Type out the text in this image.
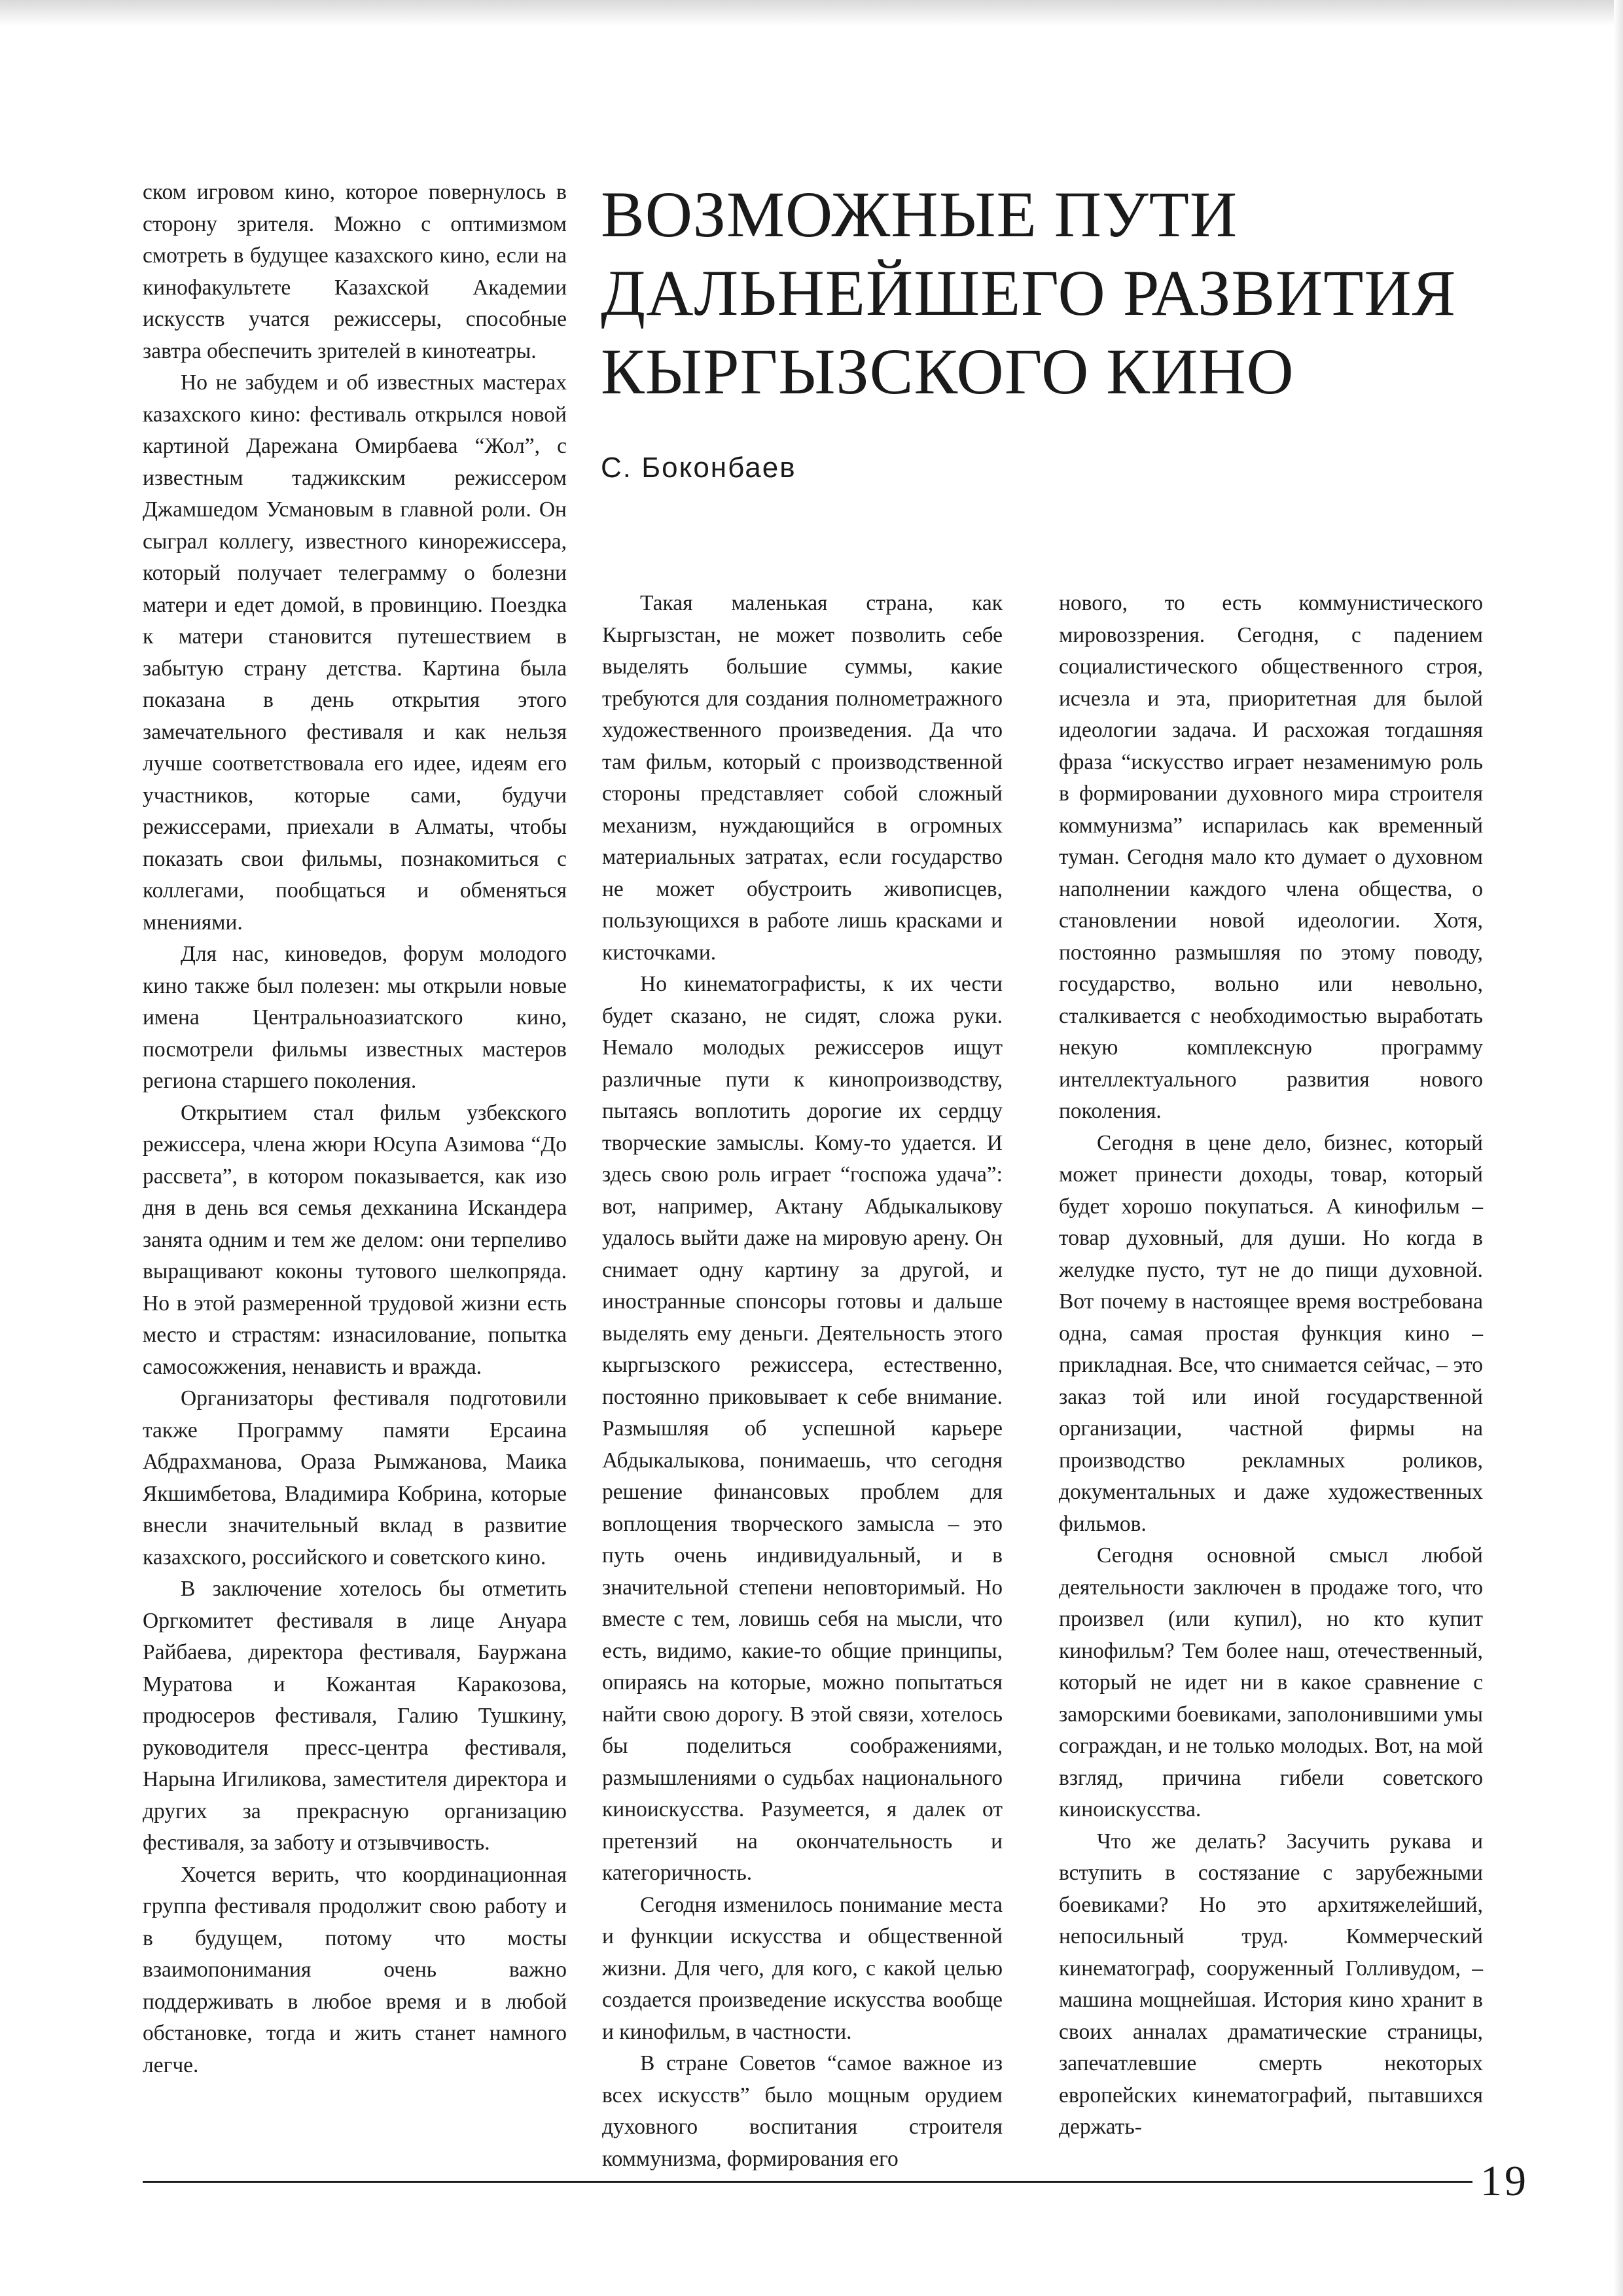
ВОЗМОЖНЫЕ ПУТИ
ДАЛЬНЕЙШЕГО РАЗВИТИЯ
КЫРГЫЗСКОГО КИНО
С. Боконбаев

ском игровом кино, которое повернулось в сторону зрителя. Можно с оптимизмом смотреть в будущее казахского кино, если на кинофакультете Казахской Академии искусств учатся режиссеры, способные завтра обеспечить зрителей в кинотеатры.

Но не забудем и об известных мастерах казахского кино: фестиваль открылся новой картиной Дарежана Омирбаева “Жол”, с известным таджикским режиссером Джамшедом Усмановым в главной роли. Он сыграл коллегу, известного кинорежиссера, который получает телеграмму о болезни матери и едет домой, в провинцию. Поездка к матери становится путешествием в забытую страну детства. Картина была показана в день открытия этого замечательного фестиваля и как нельзя лучше соответствовала его идее, идеям его участников, которые сами, будучи режиссерами, приехали в Алматы, чтобы показать свои фильмы, познакомиться с коллегами, пообщаться и обменяться мнениями.

Для нас, киноведов, форум молодого кино также был полезен: мы открыли новые имена Центральноазиатского кино, посмотрели фильмы известных мастеров региона старшего поколения.

Открытием стал фильм узбекского режиссера, члена жюри Юсупа Азимова “До рассвета”, в котором показывается, как изо дня в день вся семья дехканина Искандера занята одним и тем же делом: они терпеливо выращивают коконы тутового шелкопряда. Но в этой размеренной трудовой жизни есть место и страстям: изнасилование, попытка самосожжения, ненависть и вражда.

Организаторы фестиваля подготовили также Программу памяти Ерсаина Абдрахманова, Ораза Рымжанова, Маика Якшимбетова, Владимира Кобрина, которые внесли значительный вклад в развитие казахского, российского и советского кино.

В заключение хотелось бы отметить Оргкомитет фестиваля в лице Ануара Райбаева, директора фестиваля, Бауржана Муратова и Кожантая Каракозова, продюсеров фестиваля, Галию Тушкину, руководителя пресс-центра фестиваля, Нарына Игиликова, заместителя директора и других за прекрасную организацию фестиваля, за заботу и отзывчивость.

Хочется верить, что координационная группа фестиваля продолжит свою работу и в будущем, потому что мосты взаимопонимания очень важно поддерживать в любое время и в любой обстановке, тогда и жить станет намного легче.

Такая маленькая страна, как Кыргызстан, не может позволить себе выделять большие суммы, какие требуются для создания полнометражного художественного произведения. Да что там фильм, который с производственной стороны представляет собой сложный механизм, нуждающийся в огромных материальных затратах, если государство не может обустроить живописцев, пользующихся в работе лишь красками и кисточками.

Но кинематографисты, к их чести будет сказано, не сидят, сложа руки. Немало молодых режиссеров ищут различные пути к кинопроизводству, пытаясь воплотить дорогие их сердцу творческие замыслы. Кому-то удается. И здесь свою роль играет “госпожа удача”: вот, например, Актану Абдыкалыкову удалось выйти даже на мировую арену. Он снимает одну картину за другой, и иностранные спонсоры готовы и дальше выделять ему деньги. Деятельность этого кыргызского режиссера, естественно, постоянно приковывает к себе внимание. Размышляя об успешной карьере Абдыкалыкова, понимаешь, что сегодня решение финансовых проблем для воплощения творческого замысла – это путь очень индивидуальный, и в значительной степени неповторимый. Но вместе с тем, ловишь себя на мысли, что есть, видимо, какие-то общие принципы, опираясь на которые, можно попытаться найти свою дорогу. В этой связи, хотелось бы поделиться соображениями, размышлениями о судьбах национального киноискусства. Разумеется, я далек от претензий на окончательность и категоричность.

Сегодня изменилось понимание места и функции искусства и общественной жизни. Для чего, для кого, с какой целью создается произведение искусства вообще и кинофильм, в частности.

В стране Советов “самое важное из всех искусств” было мощным орудием духовного воспитания строителя коммунизма, формирования его

нового, то есть коммунистического мировоззрения. Сегодня, с падением социалистического общественного строя, исчезла и эта, приоритетная для былой идеологии задача. И расхожая тогдашняя фраза “искусство играет незаменимую роль в формировании духовного мира строителя коммунизма” испарилась как временный туман. Сегодня мало кто думает о духовном наполнении каждого члена общества, о становлении новой идеологии. Хотя, постоянно размышляя по этому поводу, государство, вольно или невольно, сталкивается с необходимостью выработать некую комплексную программу интеллектуального развития нового поколения.

Сегодня в цене дело, бизнес, который может принести доходы, товар, который будет хорошо покупаться. А кинофильм – товар духовный, для души. Но когда в желудке пусто, тут не до пищи духовной. Вот почему в настоящее время востребована одна, самая простая функция кино – прикладная. Все, что снимается сейчас, – это заказ той или иной государственной организации, частной фирмы на производство рекламных роликов, документальных и даже художественных фильмов.

Сегодня основной смысл любой деятельности заключен в продаже того, что произвел (или купил), но кто купит кинофильм? Тем более наш, отечественный, который не идет ни в какое сравнение с заморскими боевиками, заполонившими умы сограждан, и не только молодых. Вот, на мой взгляд, причина гибели советского киноискусства.

Что же делать? Засучить рукава и вступить в состязание с зарубежными боевиками? Но это архитяжелейший, непосильный труд. Коммерческий кинематограф, сооруженный Голливудом, – машина мощнейшая. История кино хранит в своих анналах драматические страницы, запечатлевшие смерть некоторых европейских кинематографий, пытавшихся держать-

19
